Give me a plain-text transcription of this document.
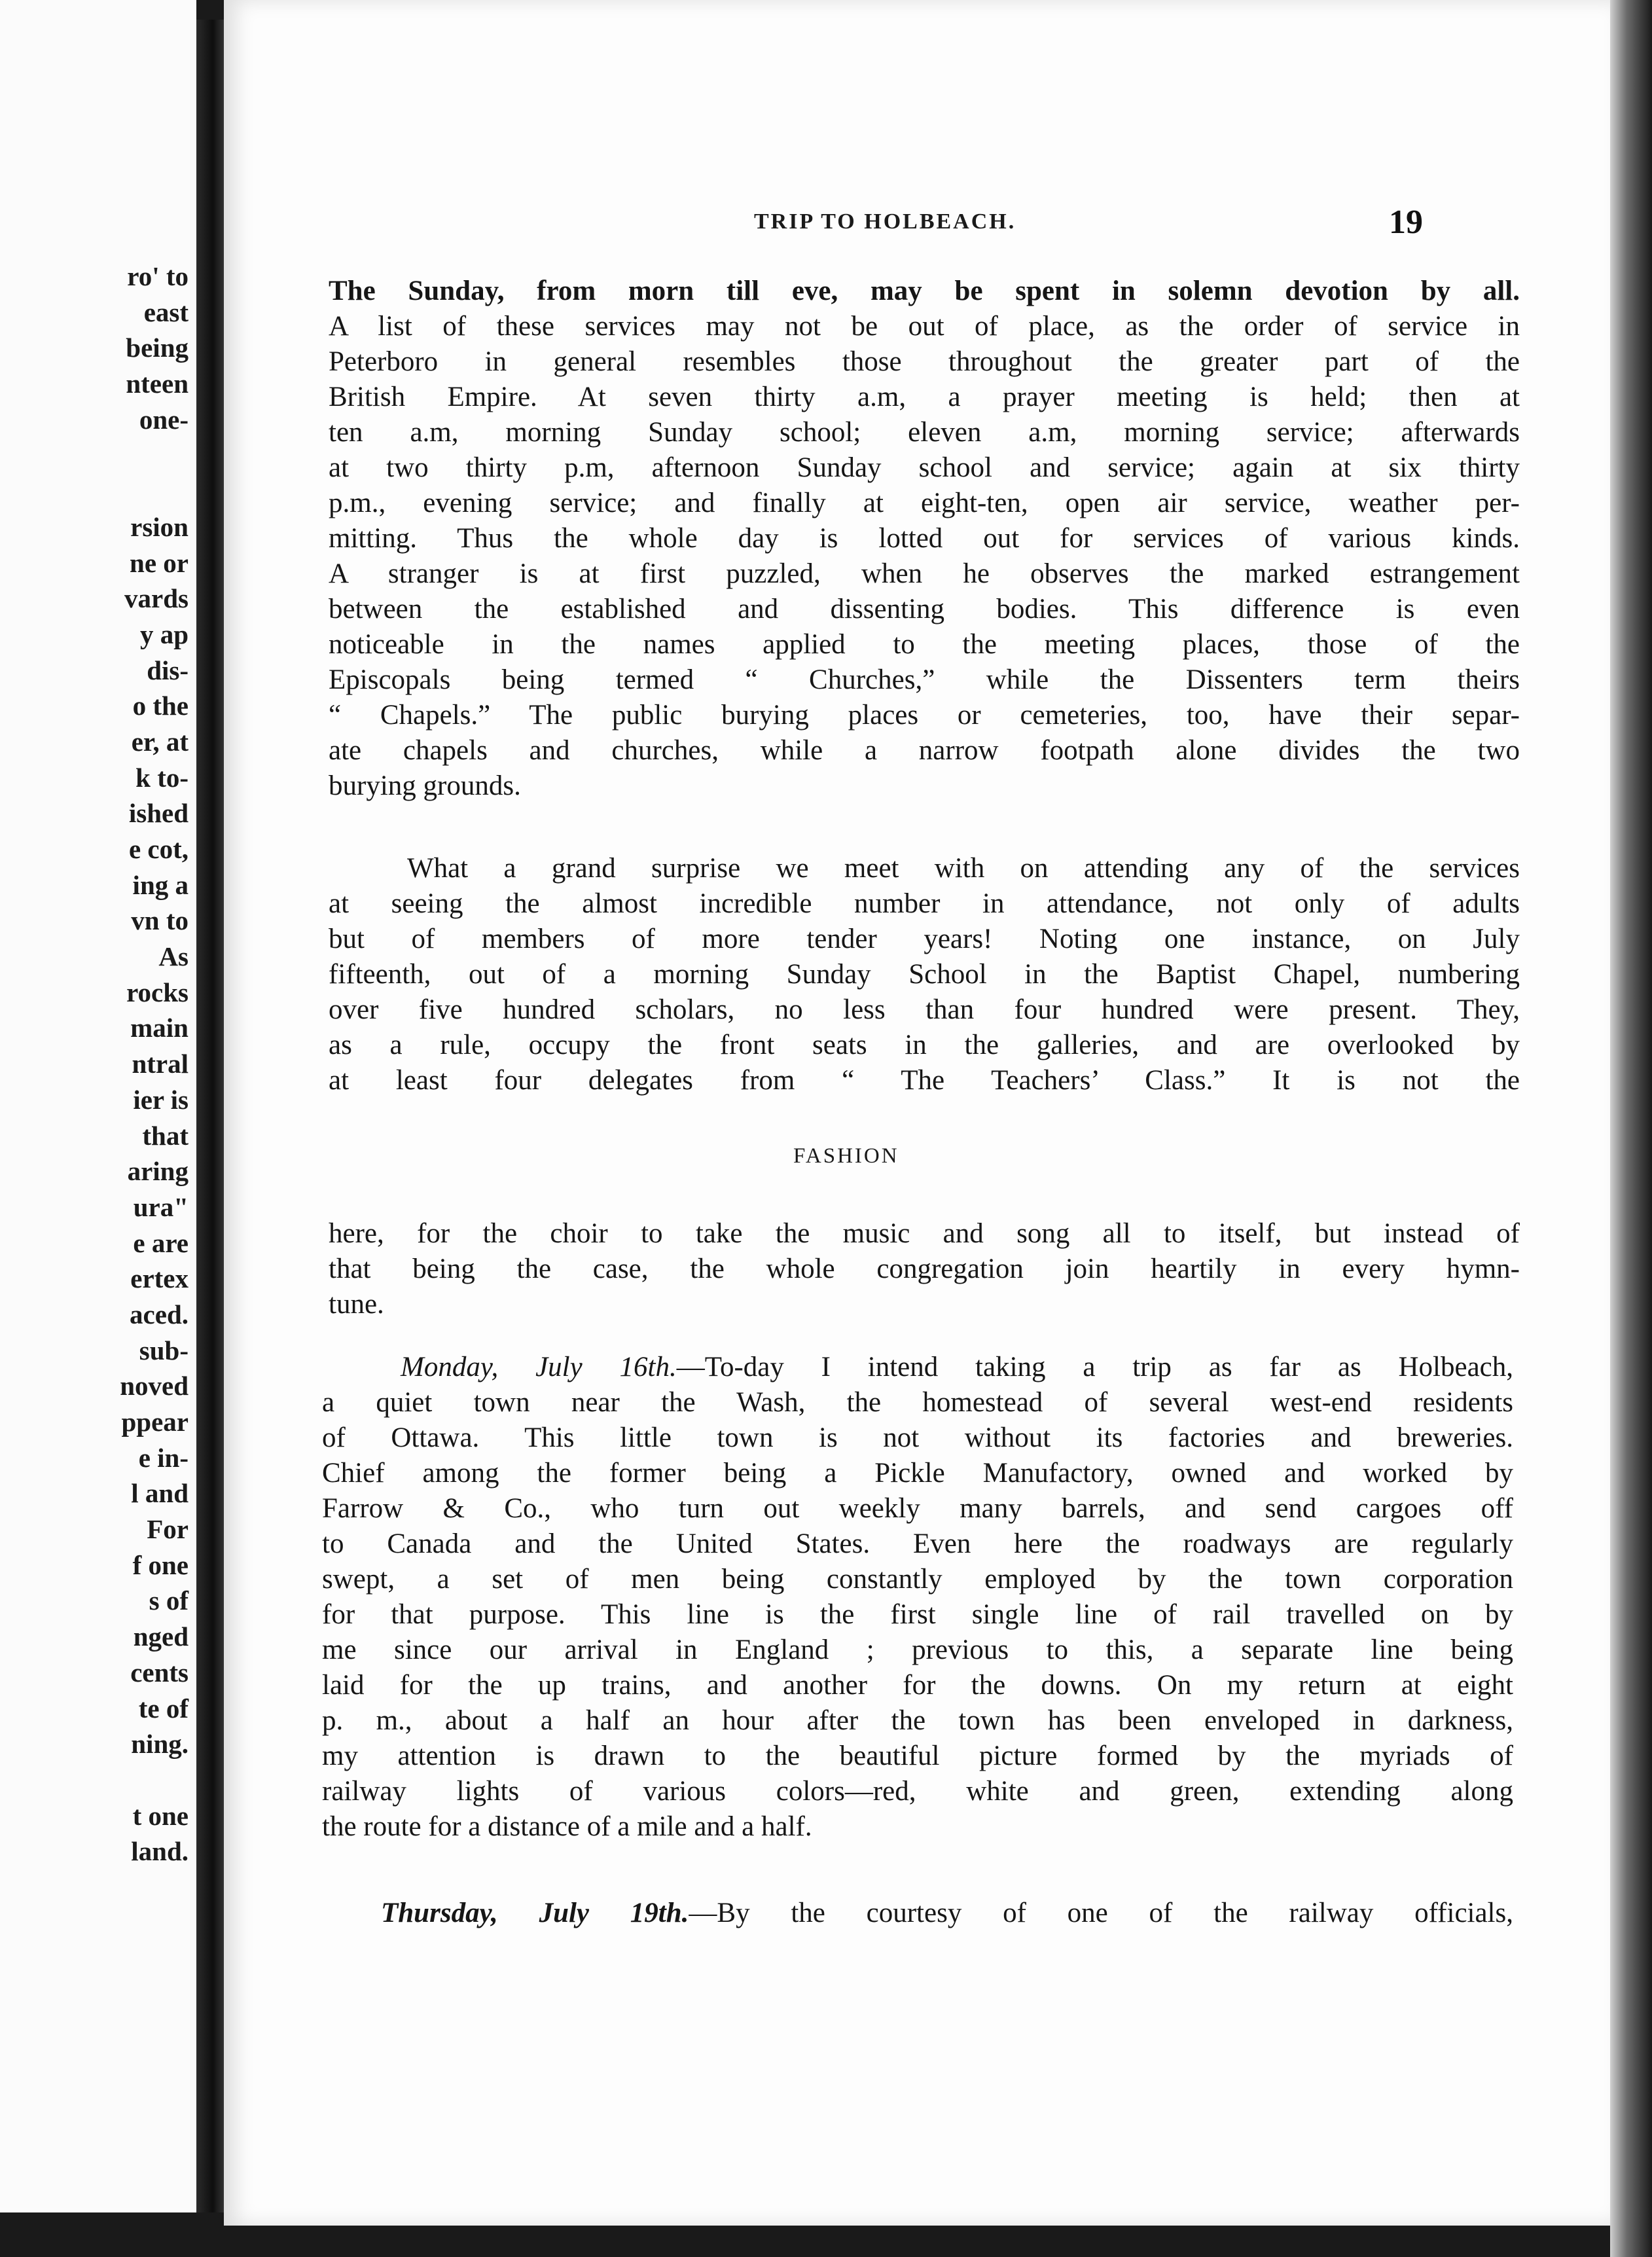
ro' to
east
being
nteen
one-
rsion
ne or
vards
y ap
dis-
o the
er, at
k to-
ished
e cot,
ing a
vn to
As
rocks
main
ntral
ier is
that
aring
ura"
e are
ertex
aced.
sub-
noved
ppear
e in-
l and
For
f one
s of
nged
cents
te of
ning.
t one
land.
TRIP TO HOLBEACH.	19
The Sunday, from morn till eve, may be spent in solemn devotion by all.
A list of these services may not be out of place, as the order of service in
Peterboro in general resembles those throughout the greater part of the
British Empire. At seven thirty a.m, a prayer meeting is held; then at
ten a.m, morning Sunday school; eleven a.m, morning service; afterwards
at two thirty p.m, afternoon Sunday school and service; again at six thirty
p.m., evening service; and finally at eight-ten, open air service, weather per-
mitting. Thus the whole day is lotted out for services of various kinds.
A stranger is at first puzzled, when he observes the marked estrangement
between the established and dissenting bodies. This difference is even
noticeable in the names applied to the meeting places, those of the
Episcopals being termed “ Churches,” while the Dissenters term theirs
“ Chapels.” The public burying places or cemeteries, too, have their separ-
ate chapels and churches, while a narrow footpath alone divides the two
burying grounds.
What a grand surprise we meet with on attending any of the services
at seeing the almost incredible number in attendance, not only of adults
but of members of more tender years! Noting one instance, on July
fifteenth, out of a morning Sunday School in the Baptist Chapel, numbering
over five hundred scholars, no less than four hundred were present. They,
as a rule, occupy the front seats in the galleries, and are overlooked by
at least four delegates from “ The Teachers’ Class.” It is not the
FASHION
here, for the choir to take the music and song all to itself, but instead of
that being the case, the whole congregation join heartily in every hymn-
tune.
Monday, July 16th.—To-day I intend taking a trip as far as Holbeach,
a quiet town near the Wash, the homestead of several west-end residents
of Ottawa. This little town is not without its factories and breweries.
Chief among the former being a Pickle Manufactory, owned and worked by
Farrow & Co., who turn out weekly many barrels, and send cargoes off
to Canada and the United States. Even here the roadways are regularly
swept, a set of men being constantly employed by the town corporation
for that purpose. This line is the first single line of rail travelled on by
me since our arrival in England ; previous to this, a separate line being
laid for the up trains, and another for the downs. On my return at eight
p. m., about a half an hour after the town has been enveloped in darkness,
my attention is drawn to the beautiful picture formed by the myriads of
railway lights of various colors—red, white and green, extending along
the route for a distance of a mile and a half.
Thursday, July 19th.—By the courtesy of one of the railway officials,
